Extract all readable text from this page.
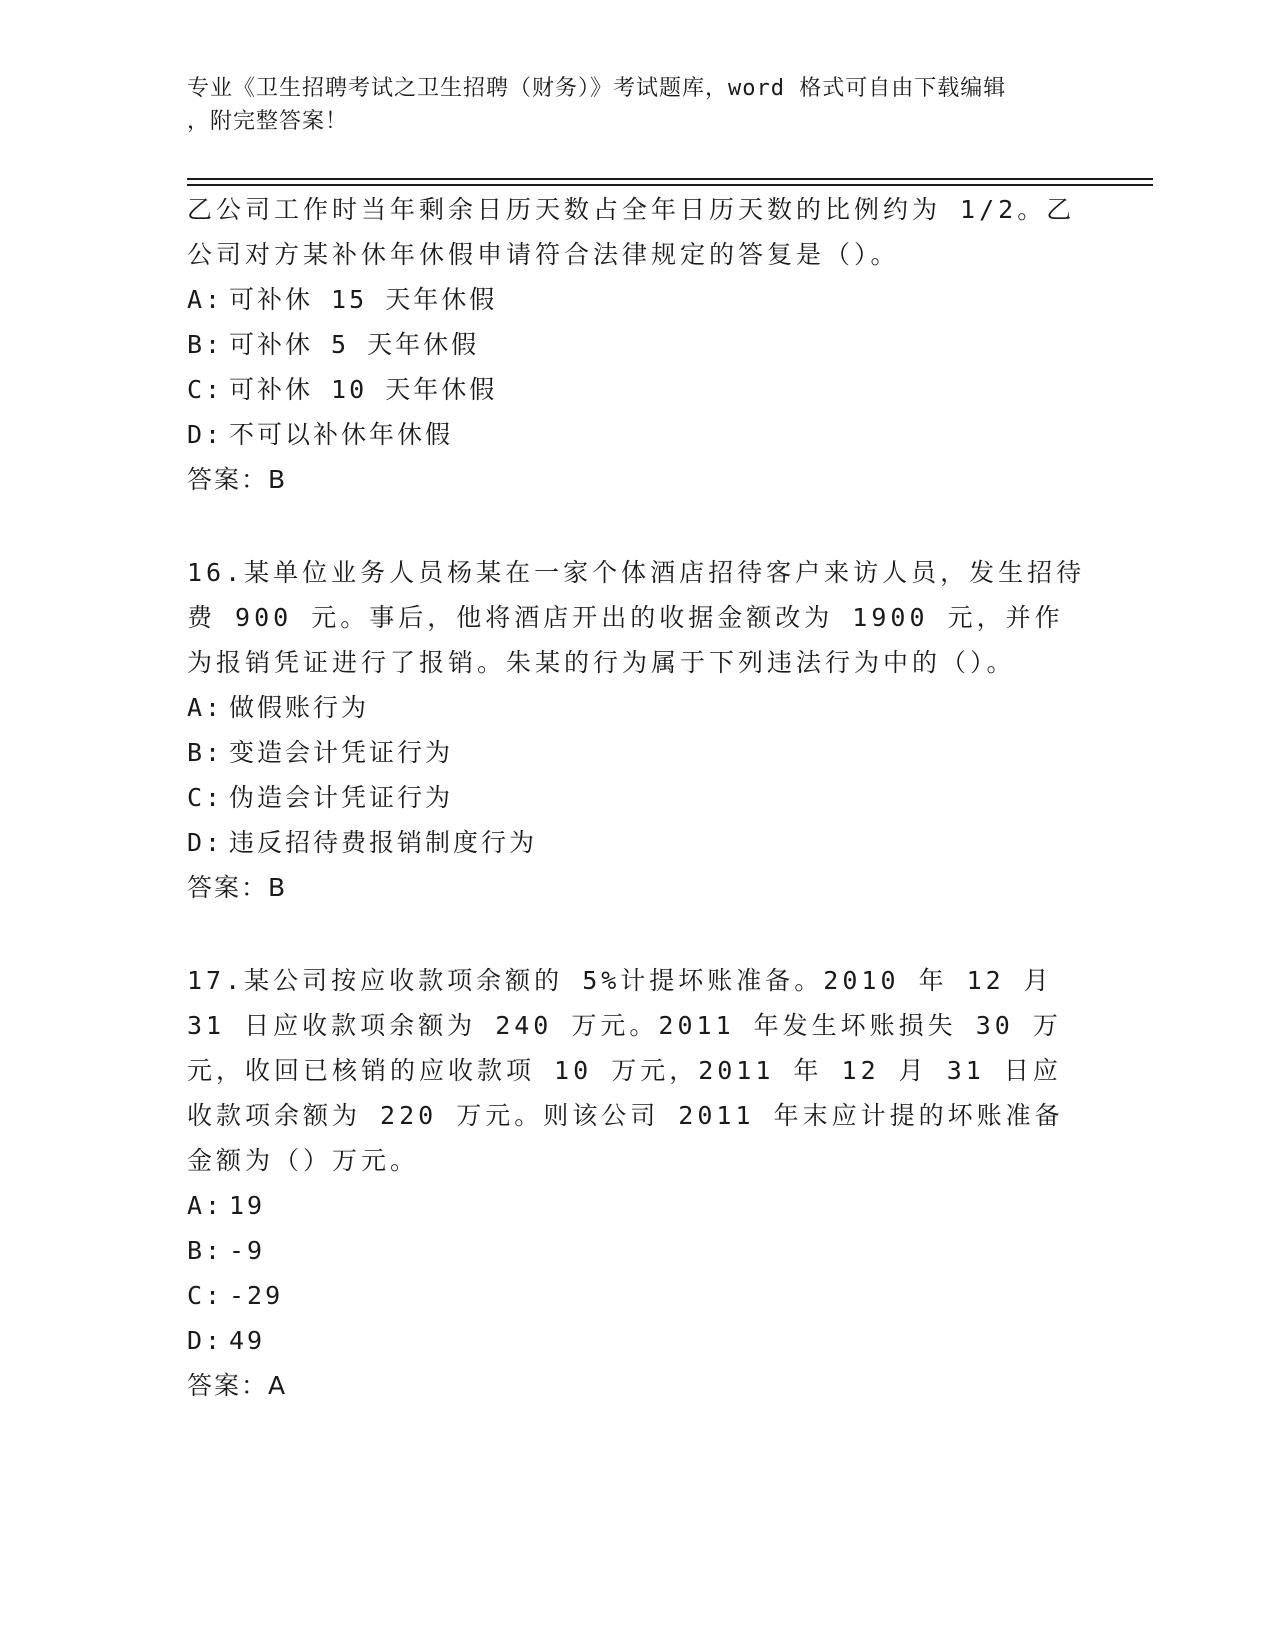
专业《卫生招聘考试之卫生招聘（财务）》考试题库，word 格式可自由下载编辑
，附完整答案！

乙公司工作时当年剩余日历天数占全年日历天数的比例约为 1/2。乙公司对方某补休年休假申请符合法律规定的答复是（）。

A: 可补休 15 天年休假
B: 可补休 5 天年休假
C: 可补休 10 天年休假
D: 不可以补休年休假
答案：B

16.某单位业务人员杨某在一家个体酒店招待客户来访人员，发生招待费 900 元。事后，他将酒店开出的收据金额改为 1900 元，并作为报销凭证进行了报销。朱某的行为属于下列违法行为中的（）。

A: 做假账行为
B: 变造会计凭证行为
C: 伪造会计凭证行为
D: 违反招待费报销制度行为
答案：B

17.某公司按应收款项余额的 5%计提坏账准备。2010 年 12 月 31 日应收款项余额为 240 万元。2011 年发生坏账损失 30 万元，收回已核销的应收款项 10 万元，2011 年 12 月 31 日应收款项余额为 220 万元。则该公司 2011 年末应计提的坏账准备金额为（）万元。

A: 19
B: -9
C: -29
D: 49
答案：A
